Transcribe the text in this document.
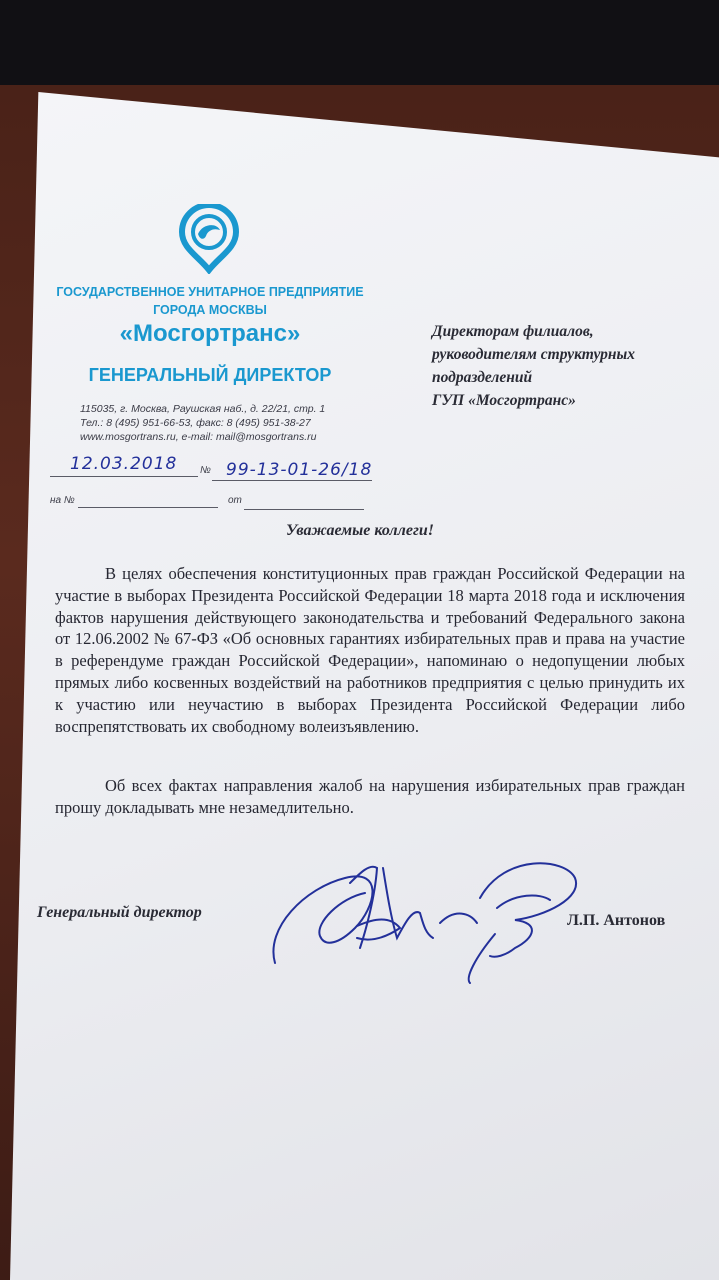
ГОСУДАРСТВЕННОЕ УНИТАРНОЕ ПРЕДПРИЯТИЕ
ГОРОДА МОСКВЫ
«Мосгортранс»
ГЕНЕРАЛЬНЫЙ ДИРЕКТОР
115035, г. Москва, Раушская наб., д. 22/21, стр. 1
Тел.: 8 (495) 951-66-53, факс: 8 (495) 951-38-27
www.mosgortrans.ru, e-mail: mail@mosgortrans.ru
12.03.2018 № 99-13-01-26/18
на №	от
Директорам филиалов,
руководителям структурных
подразделений
ГУП «Мосгортранс»
Уважаемые коллеги!
В целях обеспечения конституционных прав граждан Российской Федерации на участие в выборах Президента Российской Федерации 18 марта 2018 года и исключения фактов нарушения действующего законодательства и требований Федерального закона от 12.06.2002 № 67-ФЗ «Об основных гарантиях избирательных прав и права на участие в референдуме граждан Российской Федерации», напоминаю о недопущении любых прямых либо косвенных воздействий на работников предприятия с целью принудить их к участию или неучастию в выборах Президента Российской Федерации либо воспрепятствовать их свободному волеизъявлению.
Об всех фактах направления жалоб на нарушения избирательных прав граждан прошу докладывать мне незамедлительно.
Генеральный директор	Л.П. Антонов
